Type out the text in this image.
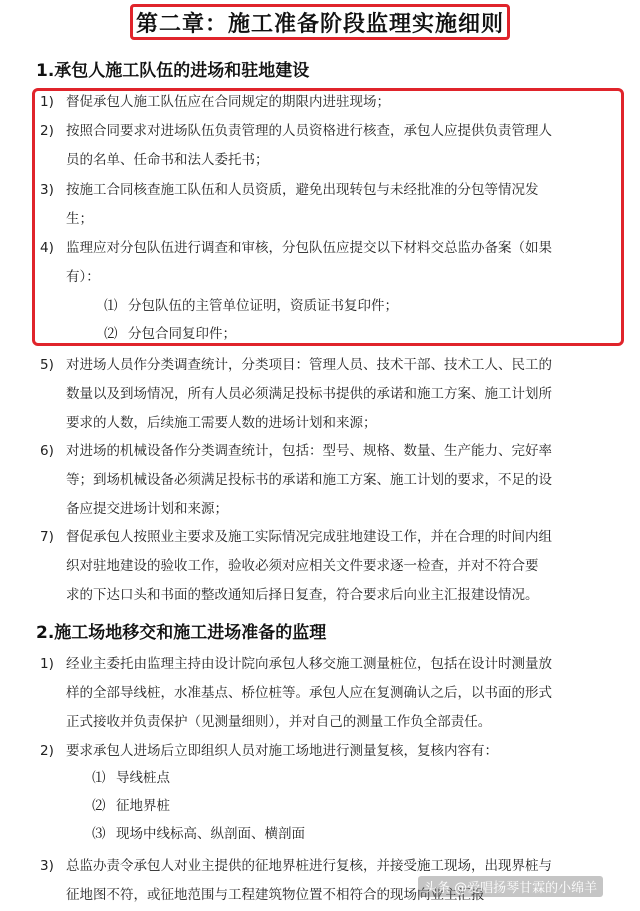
第二章：施工准备阶段监理实施细则
1.承包人施工队伍的进场和驻地建设
1) 督促承包人施工队伍应在合同规定的期限内进驻现场；
2) 按照合同要求对进场队伍负责管理的人员资格进行核查，承包人应提供负责管理人
员的名单、任命书和法人委托书；
3) 按施工合同核查施工队伍和人员资质，避免出现转包与未经批准的分包等情况发
生；
4) 监理应对分包队伍进行调查和审核，分包队伍应提交以下材料交总监办备案（如果
有）：
⑴ 分包队伍的主管单位证明，资质证书复印件；
⑵ 分包合同复印件；
5) 对进场人员作分类调查统计，分类项目：管理人员、技术干部、技术工人、民工的
数量以及到场情况，所有人员必须满足投标书提供的承诺和施工方案、施工计划所
要求的人数，后续施工需要人数的进场计划和来源；
6) 对进场的机械设备作分类调查统计，包括：型号、规格、数量、生产能力、完好率
等；到场机械设备必须满足投标书的承诺和施工方案、施工计划的要求，不足的设
备应提交进场计划和来源；
7) 督促承包人按照业主要求及施工实际情况完成驻地建设工作，并在合理的时间内组
织对驻地建设的验收工作，验收必须对应相关文件要求逐一检查，并对不符合要
求的下达口头和书面的整改通知后择日复查，符合要求后向业主汇报建设情况。
2.施工场地移交和施工进场准备的监理
1) 经业主委托由监理主持由设计院向承包人移交施工测量桩位，包括在设计时测量放
样的全部导线桩，水准基点、桥位桩等。承包人应在复测确认之后，以书面的形式
正式接收并负责保护（见测量细则），并对自己的测量工作负全部责任。
2) 要求承包人进场后立即组织人员对施工场地进行测量复核，复核内容有：
⑴ 导线桩点
⑵ 征地界桩
⑶ 现场中线标高、纵剖面、横剖面
3) 总监办责令承包人对业主提供的征地界桩进行复核，并接受施工现场，出现界桩与
征地图不符，或征地范围与工程建筑物位置不相符合的现场向业主汇报
头条 @爱唱扬琴甘霖的小绵羊
